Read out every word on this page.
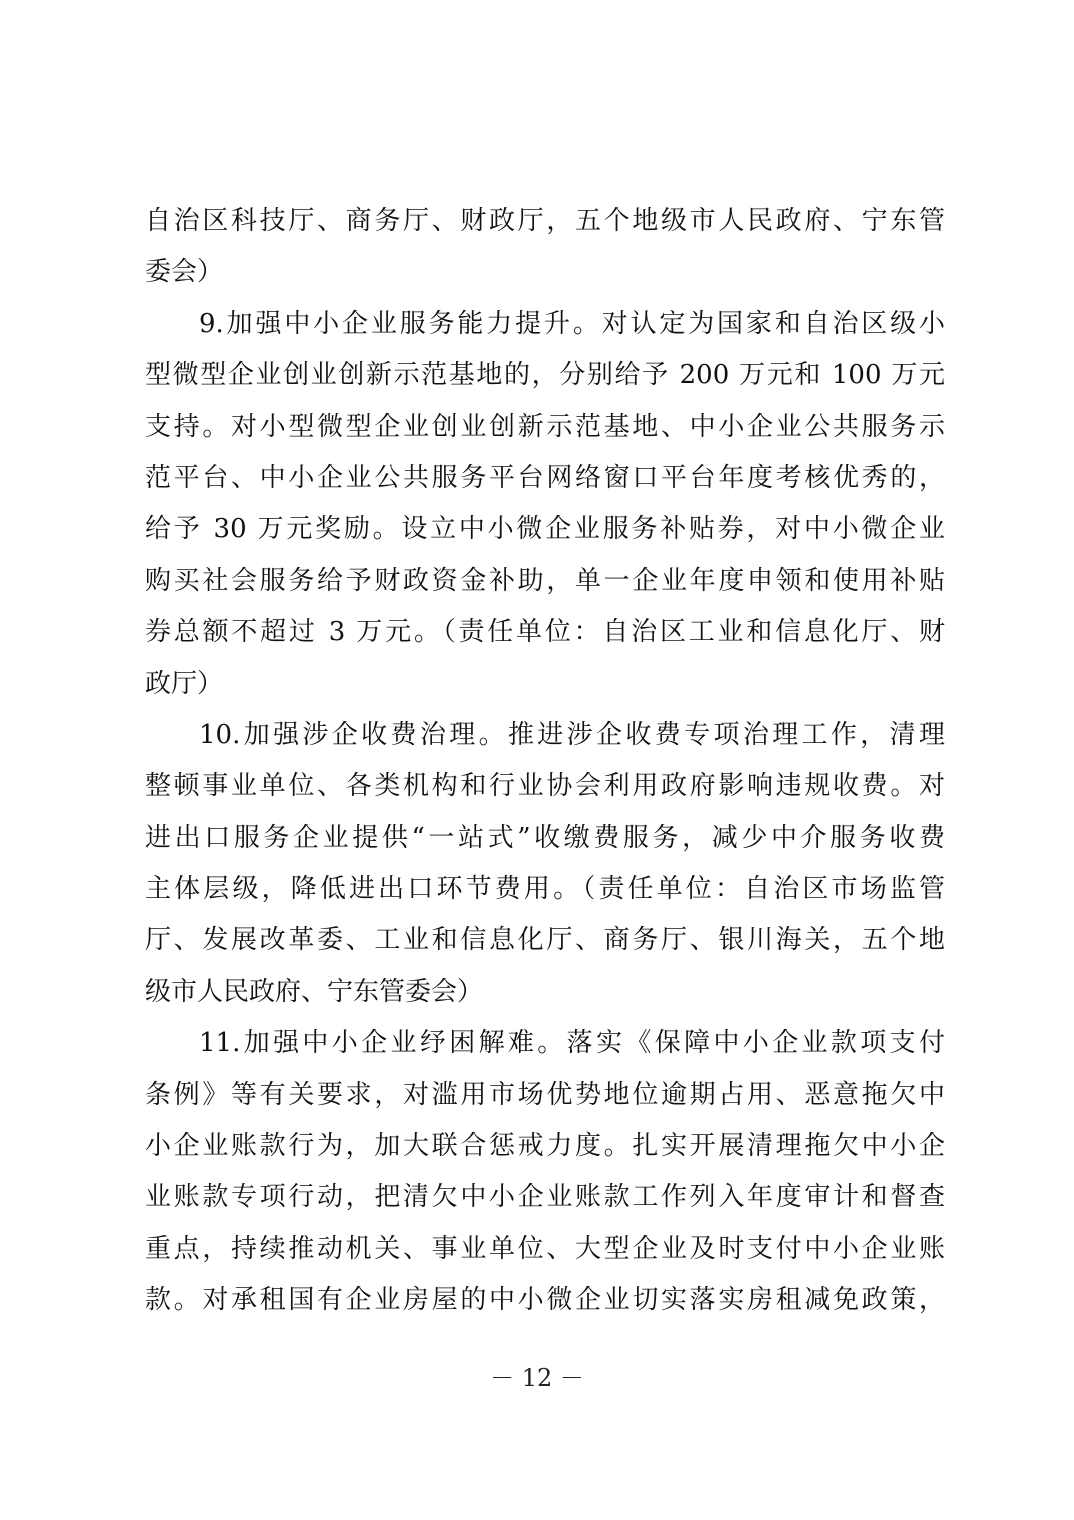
自治区科技厅、商务厅、财政厅，五个地级市人民政府、宁东管
委会）
9.加强中小企业服务能力提升。对认定为国家和自治区级小
型微型企业创业创新示范基地的，分别给予 200 万元和 100 万元
支持。对小型微型企业创业创新示范基地、中小企业公共服务示
范平台、中小企业公共服务平台网络窗口平台年度考核优秀的，
给予 30 万元奖励。设立中小微企业服务补贴券，对中小微企业
购买社会服务给予财政资金补助，单一企业年度申领和使用补贴
券总额不超过 3 万元。（责任单位：自治区工业和信息化厅、财
政厅）
10.加强涉企收费治理。推进涉企收费专项治理工作，清理
整顿事业单位、各类机构和行业协会利用政府影响违规收费。对
进出口服务企业提供“一站式”收缴费服务，减少中介服务收费
主体层级，降低进出口环节费用。（责任单位：自治区市场监管
厅、发展改革委、工业和信息化厅、商务厅、银川海关，五个地
级市人民政府、宁东管委会）
11.加强中小企业纾困解难。落实《保障中小企业款项支付
条例》等有关要求，对滥用市场优势地位逾期占用、恶意拖欠中
小企业账款行为，加大联合惩戒力度。扎实开展清理拖欠中小企
业账款专项行动，把清欠中小企业账款工作列入年度审计和督查
重点，持续推动机关、事业单位、大型企业及时支付中小企业账
款。对承租国有企业房屋的中小微企业切实落实房租减免政策，
－ 12 －
